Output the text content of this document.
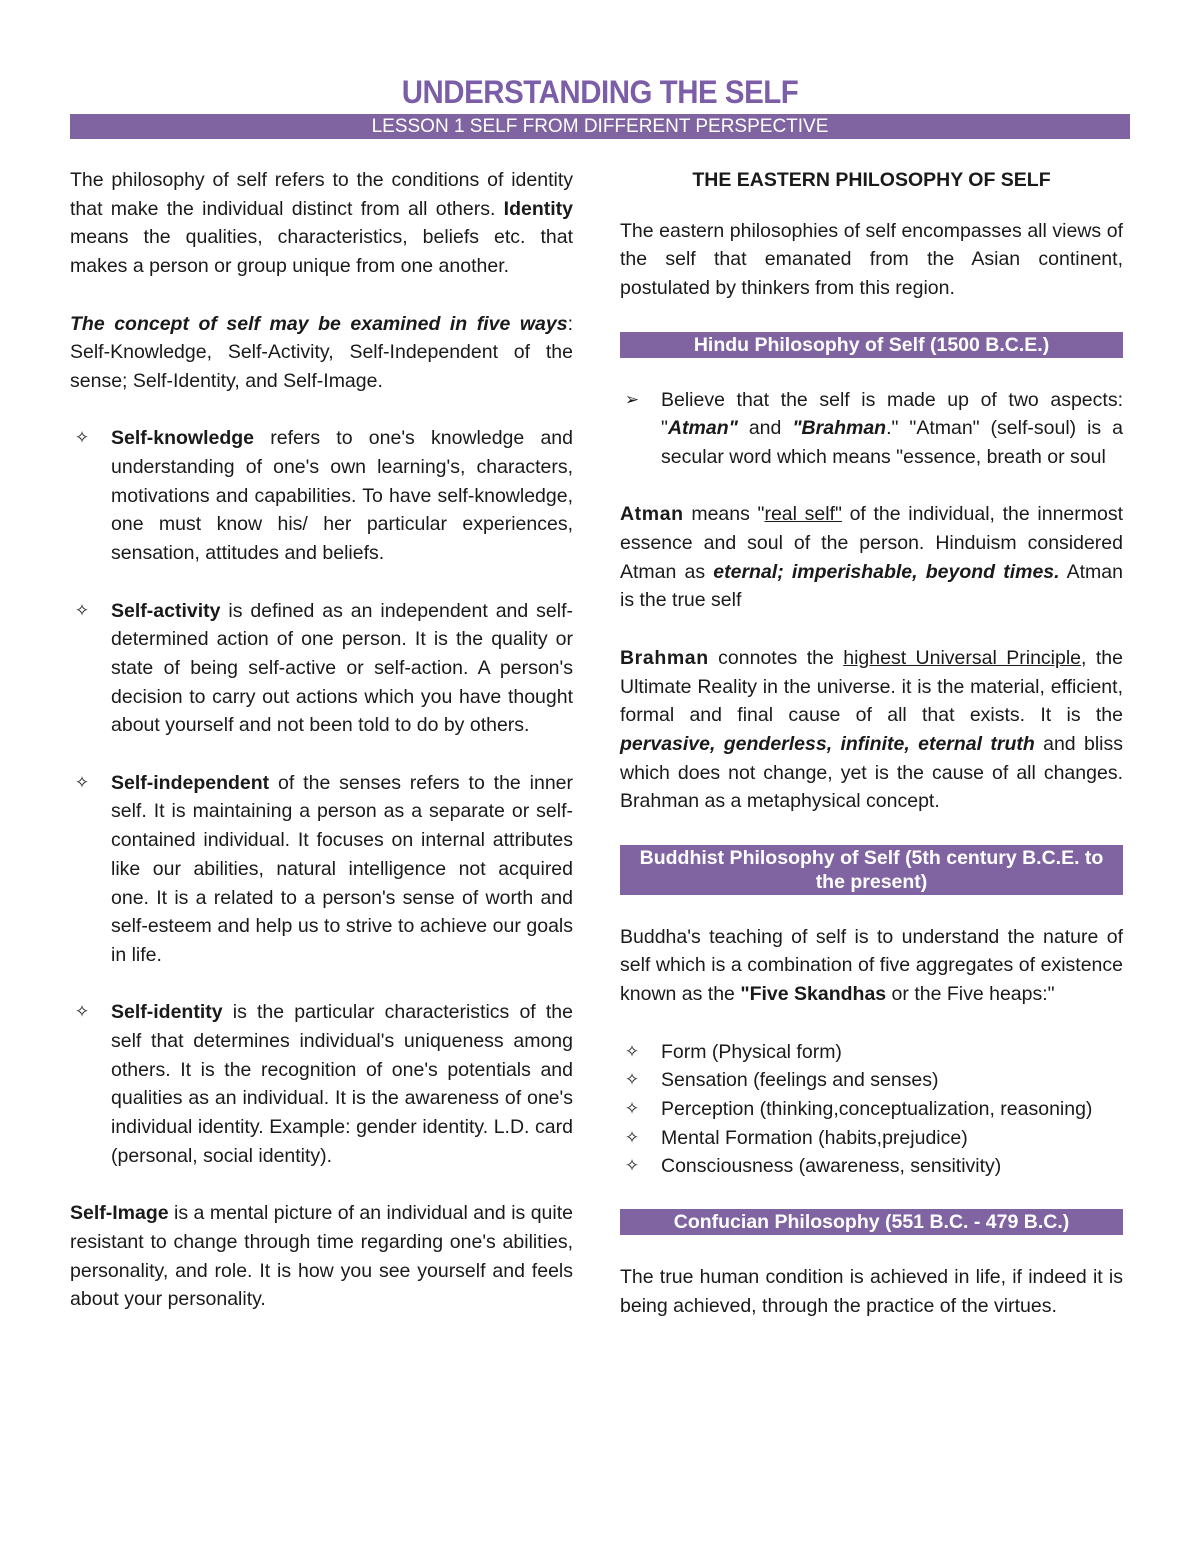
UNDERSTANDING THE SELF
LESSON 1 SELF FROM DIFFERENT PERSPECTIVE

The philosophy of self refers to the conditions of identity that make the individual distinct from all others. Identity means the qualities, characteristics, beliefs etc. that makes a person or group unique from one another.

The concept of self may be examined in five ways: Self-Knowledge, Self-Activity, Self-Independent of the sense; Self-Identity, and Self-Image.

✧ Self-knowledge refers to one's knowledge and understanding of one's own learning's, characters, motivations and capabilities. To have self-knowledge, one must know his/ her particular experiences, sensation, attitudes and beliefs.
✧ Self-activity is defined as an independent and self-determined action of one person. It is the quality or state of being self-active or self-action. A person's decision to carry out actions which you have thought about yourself and not been told to do by others.
✧ Self-independent of the senses refers to the inner self. It is maintaining a person as a separate or self-contained individual. It focuses on internal attributes like our abilities, natural intelligence not acquired one. It is a related to a person's sense of worth and self-esteem and help us to strive to achieve our goals in life.
✧ Self-identity is the particular characteristics of the self that determines individual's uniqueness among others. It is the recognition of one's potentials and qualities as an individual. It is the awareness of one's individual identity. Example: gender identity. L.D. card (personal, social identity).

Self-Image is a mental picture of an individual and is quite resistant to change through time regarding one's abilities, personality, and role. It is how you see yourself and feels about your personality.

THE EASTERN PHILOSOPHY OF SELF

The eastern philosophies of self encompasses all views of the self that emanated from the Asian continent, postulated by thinkers from this region.

Hindu Philosophy of Self (1500 B.C.E.)
➢ Believe that the self is made up of two aspects: "Atman" and "Brahman." "Atman" (self-soul) is a secular word which means "essence, breath or soul

Atman means "real self" of the individual, the innermost essence and soul of the person. Hinduism considered Atman as eternal; imperishable, beyond times. Atman is the true self

Brahman connotes the highest Universal Principle, the Ultimate Reality in the universe. it is the material, efficient, formal and final cause of all that exists. It is the pervasive, genderless, infinite, eternal truth and bliss which does not change, yet is the cause of all changes. Brahman as a metaphysical concept.

Buddhist Philosophy of Self (5th century B.C.E. to the present)

Buddha's teaching of self is to understand the nature of self which is a combination of five aggregates of existence known as the "Five Skandhas or the Five heaps:"

✧ Form (Physical form)
✧ Sensation (feelings and senses)
✧ Perception (thinking,conceptualization, reasoning)
✧ Mental Formation (habits,prejudice)
✧ Consciousness (awareness, sensitivity)
Confucian Philosophy (551 B.C. - 479 B.C.)

The true human condition is achieved in life, if indeed it is being achieved, through the practice of the virtues.
